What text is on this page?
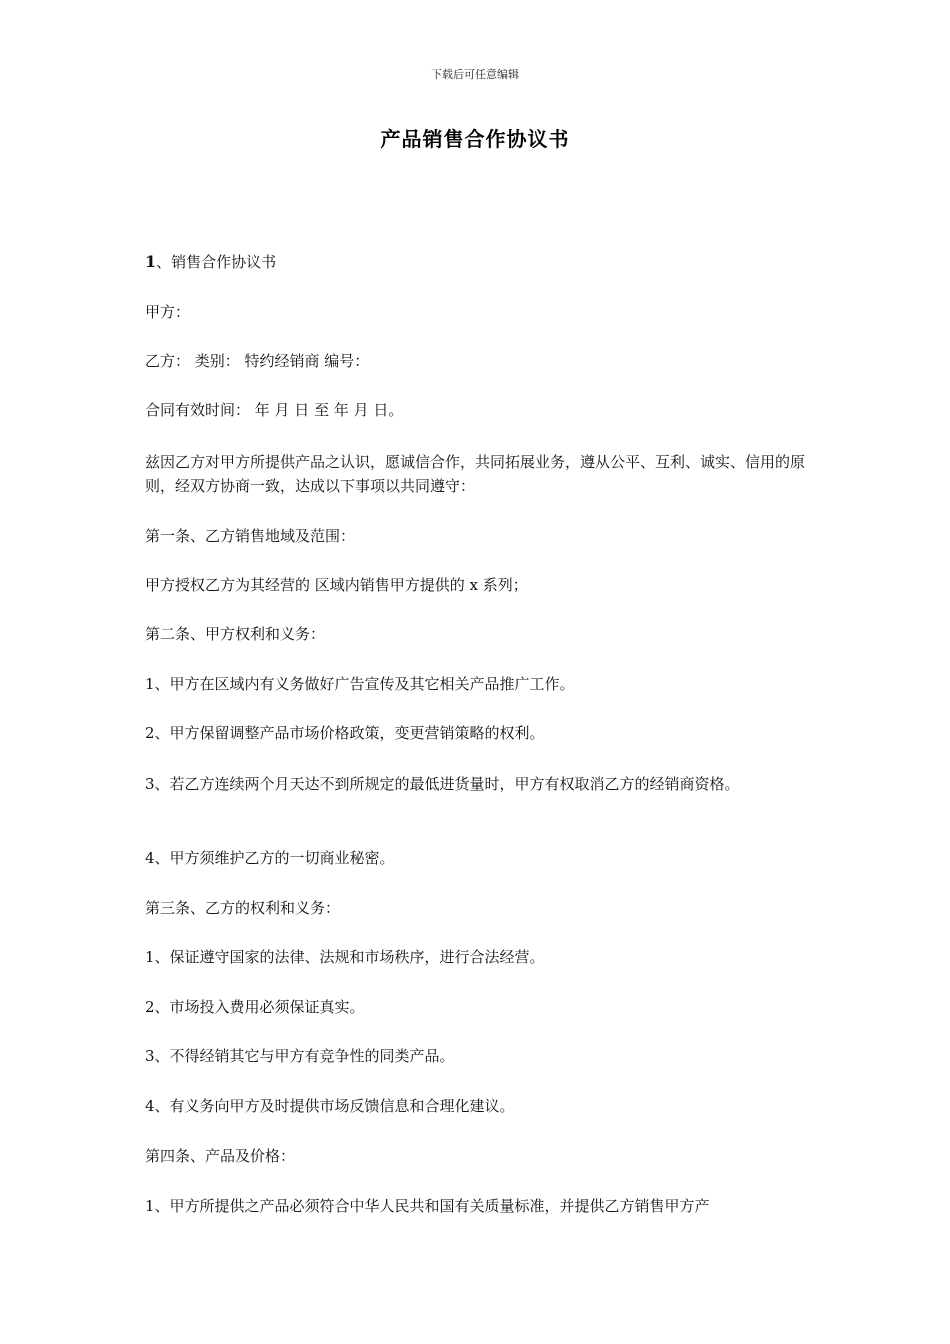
下载后可任意编辑
产品销售合作协议书
1、销售合作协议书
甲方：
乙方： 类别： 特约经销商 编号：
合同有效时间： 年 月 日 至 年 月 日。
兹因乙方对甲方所提供产品之认识，愿诚信合作，共同拓展业务，遵从公平、互利、诚实、信用的原则，经双方协商一致，达成以下事项以共同遵守：
第一条、乙方销售地域及范围：
甲方授权乙方为其经营的 区域内销售甲方提供的 x 系列；
第二条、甲方权利和义务：
1、甲方在区域内有义务做好广告宣传及其它相关产品推广工作。
2、甲方保留调整产品市场价格政策，变更营销策略的权利。
3、若乙方连续两个月天达不到所规定的最低进货量时，甲方有权取消乙方的经销商资格。
4、甲方须维护乙方的一切商业秘密。
第三条、乙方的权利和义务：
1、保证遵守国家的法律、法规和市场秩序，进行合法经营。
2、市场投入费用必须保证真实。
3、不得经销其它与甲方有竞争性的同类产品。
4、有义务向甲方及时提供市场反馈信息和合理化建议。
第四条、产品及价格：
1、甲方所提供之产品必须符合中华人民共和国有关质量标准，并提供乙方销售甲方产
